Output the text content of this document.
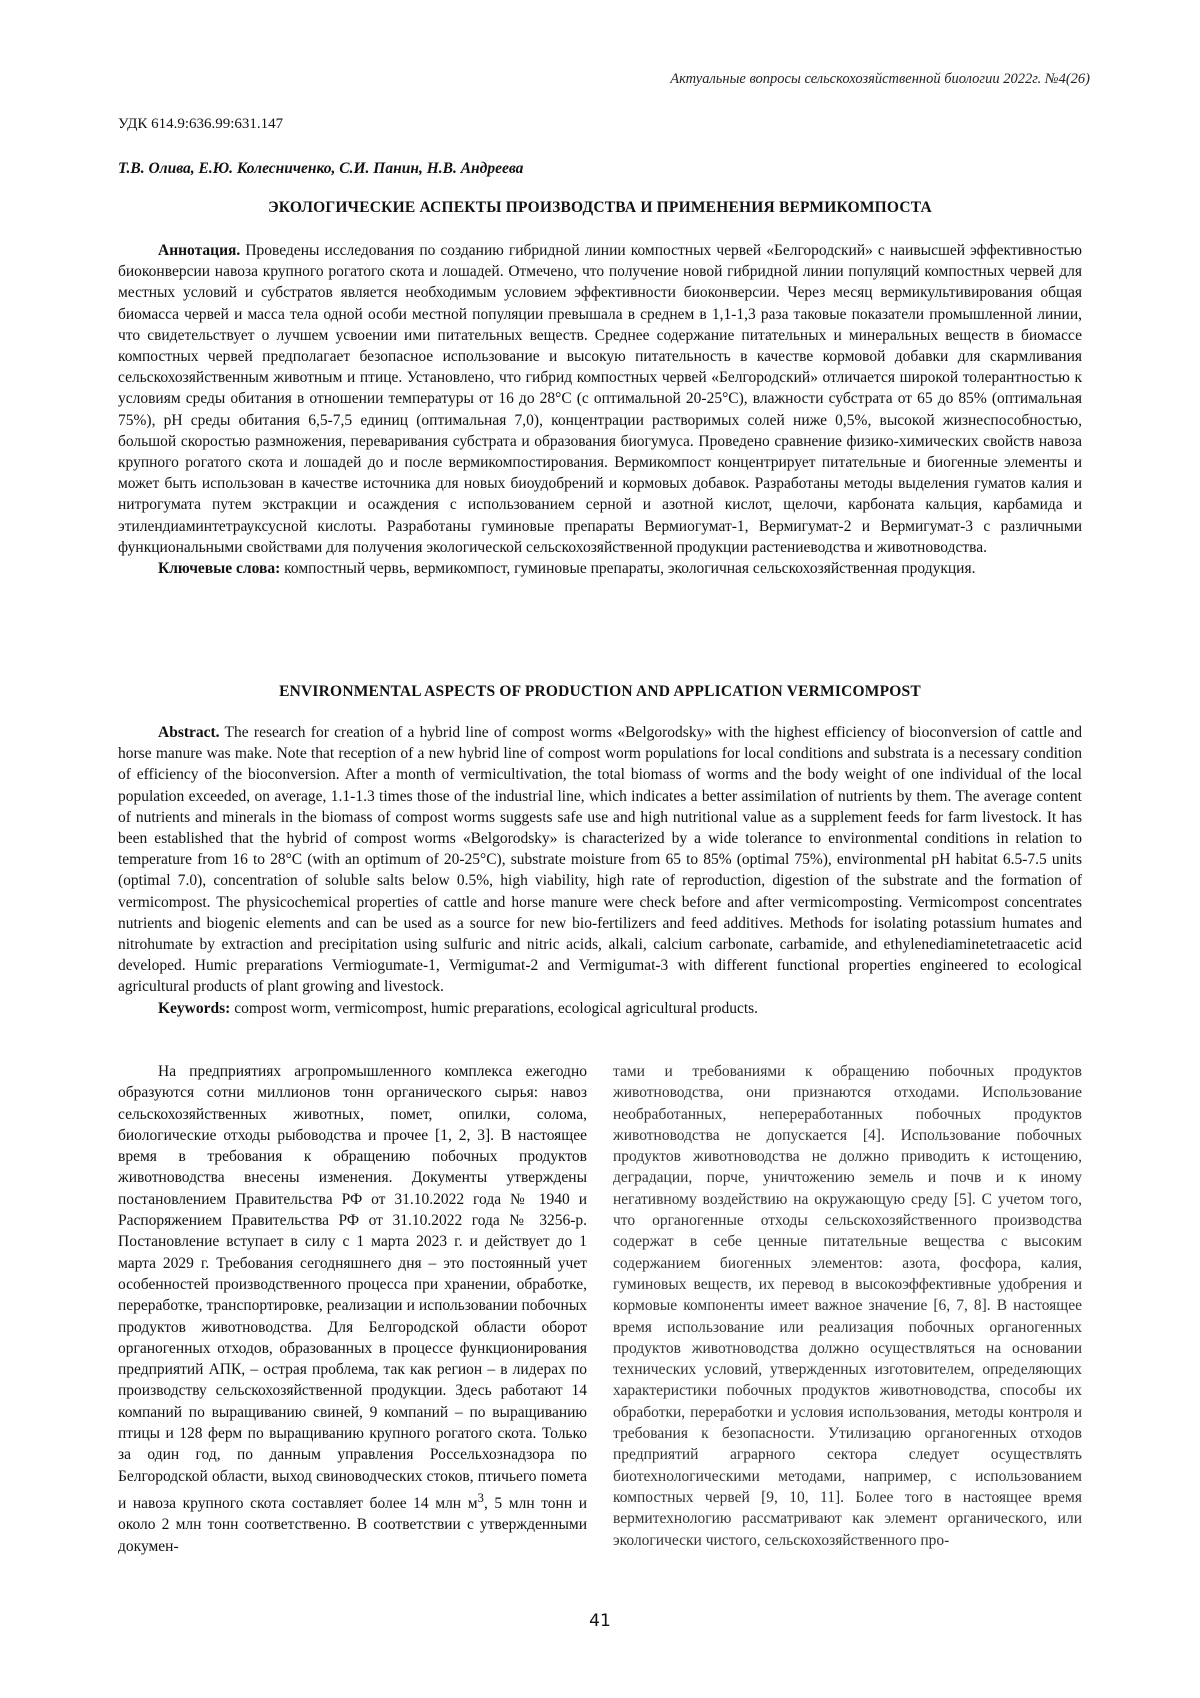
Актуальные вопросы сельскохозяйственной биологии 2022г. №4(26)
УДК 614.9:636.99:631.147
Т.В. Олива, Е.Ю. Колесниченко, С.И. Панин, Н.В. Андреева
ЭКОЛОГИЧЕСКИЕ АСПЕКТЫ ПРОИЗВОДСТВА И ПРИМЕНЕНИЯ ВЕРМИКОМПОСТА

Аннотация. Проведены исследования по созданию гибридной линии компостных червей «Белгородский» с наивысшей эффективностью биоконверсии навоза крупного рогатого скота и лошадей. Отмечено, что получение новой гибридной линии популяций компостных червей для местных условий и субстратов является необходимым условием эффективности биоконверсии. Через месяц вермикультивирования общая биомасса червей и масса тела одной особи местной популяции превышала в среднем в 1,1-1,3 раза таковые показатели промышленной линии, что свидетельствует о лучшем усвоении ими питательных веществ. Среднее содержание питательных и минеральных веществ в биомассе компостных червей предполагает безопасное использование и высокую питательность в качестве кормовой добавки для скармливания сельскохозяйственным животным и птице. Установлено, что гибрид компостных червей «Белгородский» отличается широкой толерантностью к условиям среды обитания в отношении температуры от 16 до 28°C (с оптимальной 20-25°C), влажности субстрата от 65 до 85% (оптимальная 75%), pH среды обитания 6,5-7,5 единиц (оптимальная 7,0), концентрации растворимых солей ниже 0,5%, высокой жизнеспособностью, большой скоростью размножения, переваривания субстрата и образования биогумуса. Проведено сравнение физико-химических свойств навоза крупного рогатого скота и лошадей до и после вермикомпостирования. Вермикомпост концентрирует питательные и биогенные элементы и может быть использован в качестве источника для новых биоудобрений и кормовых добавок. Разработаны методы выделения гуматов калия и нитрогумата путем экстракции и осаждения с использованием серной и азотной кислот, щелочи, карбоната кальция, карбамида и этилендиаминтетрауксусной кислоты. Разработаны гуминовые препараты Вермиогумат-1, Вермигумат-2 и Вермигумат-3 с различными функциональными свойствами для получения экологической сельскохозяйственной продукции растениеводства и животноводства.

Ключевые слова: компостный червь, вермикомпост, гуминовые препараты, экологичная сельскохозяйственная продукция.

ENVIRONMENTAL ASPECTS OF PRODUCTION AND APPLICATION VERMICOMPOST

Abstract. The research for creation of a hybrid line of compost worms «Belgorodsky» with the highest efficiency of bioconversion of cattle and horse manure was make. Note that reception of a new hybrid line of compost worm populations for local conditions and substrata is a necessary condition of efficiency of the bioconversion. After a month of vermicultivation, the total biomass of worms and the body weight of one individual of the local population exceeded, on average, 1.1-1.3 times those of the industrial line, which indicates a better assimilation of nutrients by them. The average content of nutrients and minerals in the biomass of compost worms suggests safe use and high nutritional value as a supplement feeds for farm livestock. It has been established that the hybrid of compost worms «Belgorodsky» is characterized by a wide tolerance to environmental conditions in relation to temperature from 16 to 28°C (with an optimum of 20-25°C), substrate moisture from 65 to 85% (optimal 75%), environmental pH habitat 6.5-7.5 units (optimal 7.0), concentration of soluble salts below 0.5%, high viability, high rate of reproduction, digestion of the substrate and the formation of vermicompost. The physicochemical properties of cattle and horse manure were check before and after vermicomposting. Vermicompost concentrates nutrients and biogenic elements and can be used as a source for new bio-fertilizers and feed additives. Methods for isolating potassium humates and nitrohumate by extraction and precipitation using sulfuric and nitric acids, alkali, calcium carbonate, carbamide, and ethylenediaminetetraacetic acid developed. Humic preparations Vermiogumate-1, Vermigumat-2 and Vermigumat-3 with different functional properties engineered to ecological agricultural products of plant growing and livestock.

Keywords: compost worm, vermicompost, humic preparations, ecological agricultural products.

На предприятиях агропромышленного комплекса ежегодно образуются сотни миллионов тонн органического сырья: навоз сельскохозяйственных животных, помет, опилки, солома, биологические отходы рыбоводства и прочее [1, 2, 3]. В настоящее время в требования к обращению побочных продуктов животноводства внесены изменения. Документы утверждены постановлением Правительства РФ от 31.10.2022 года № 1940 и Распоряжением Правительства РФ от 31.10.2022 года № 3256-р. Постановление вступает в силу с 1 марта 2023 г. и действует до 1 марта 2029 г. Требования сегодняшнего дня – это постоянный учет особенностей производственного процесса при хранении, обработке, переработке, транспортировке, реализации и использовании побочных продуктов животноводства. Для Белгородской области оборот органогенных отходов, образованных в процессе функционирования предприятий АПК, – острая проблема, так как регион – в лидерах по производству сельскохозяйственной продукции. Здесь работают 14 компаний по выращиванию свиней, 9 компаний – по выращиванию птицы и 128 ферм по выращиванию крупного рогатого скота. Только за один год, по данным управления Россельхознадзора по Белгородской области, выход свиноводческих стоков, птичьего помета и навоза крупного скота составляет более 14 млн $м^3$, 5 млн тонн и около 2 млн тонн соответственно. В соответствии с утвержденными докумен-

тами и требованиями к обращению побочных продуктов животноводства, они признаются отходами. Использование необработанных, непереработанных побочных продуктов животноводства не допускается [4]. Использование побочных продуктов животноводства не должно приводить к истощению, деградации, порче, уничтожению земель и почв и к иному негативному воздействию на окружающую среду [5]. С учетом того, что органогенные отходы сельскохозяйственного производства содержат в себе ценные питательные вещества с высоким содержанием биогенных элементов: азота, фосфора, калия, гуминовых веществ, их перевод в высокоэффективные удобрения и кормовые компоненты имеет важное значение [6, 7, 8]. В настоящее время использование или реализация побочных органогенных продуктов животноводства должно осуществляться на основании технических условий, утвержденных изготовителем, определяющих характеристики побочных продуктов животноводства, способы их обработки, переработки и условия использования, методы контроля и требования к безопасности. Утилизацию органогенных отходов предприятий аграрного сектора следует осуществлять биотехнологическими методами, например, с использованием компостных червей [9, 10, 11]. Более того в настоящее время вермитехнологию рассматривают как элемент органического, или экологически чистого, сельскохозяйственного про-

41
